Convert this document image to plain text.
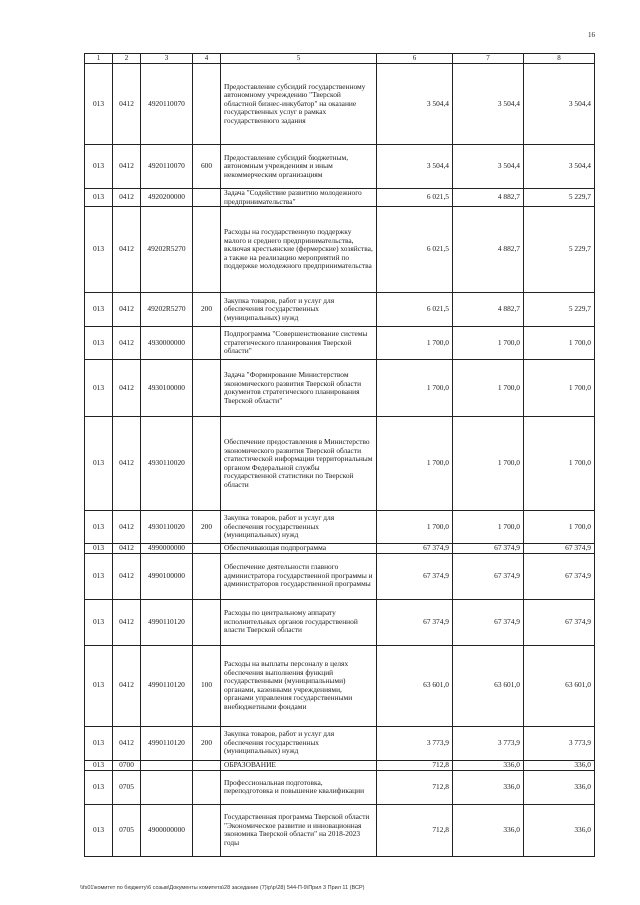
16
1	2	3	4	5	6	7	8
013	0412	4920110070		Предоставление субсидий государственному автономному учреждению "Тверской областной бизнес-инкубатор" на оказание государственных услуг в рамках государственного задания	3 504,4	3 504,4	3 504,4
013	0412	4920110070	600	Предоставление субсидий бюджетным, автономным учреждениям и иным некоммерческим организациям	3 504,4	3 504,4	3 504,4
013	0412	4920200000		Задача "Содействие развитию молодежного предпринимательства"	6 021,5	4 882,7	5 229,7
013	0412	49202R5270		Расходы на государственную поддержку малого и среднего предпринимательства, включая крестьянские (фермерские) хозяйства, а также на реализацию мероприятий по поддержке молодежного предпринимательства	6 021,5	4 882,7	5 229,7
013	0412	49202R5270	200	Закупка товаров, работ и услуг для обеспечения государственных (муниципальных) нужд	6 021,5	4 882,7	5 229,7
013	0412	4930000000		Подпрограмма "Совершенствование системы стратегического планирования Тверской области"	1 700,0	1 700,0	1 700,0
013	0412	4930100000		Задача "Формирование Министерством экономического развития Тверской области документов стратегического планирования Тверской области"	1 700,0	1 700,0	1 700,0
013	0412	4930110020		Обеспечение предоставления в Министерство экономического развития Тверской области статистической информации территориальным органом Федеральной службы государственной статистики по Тверской области	1 700,0	1 700,0	1 700,0
013	0412	4930110020	200	Закупка товаров, работ и услуг для обеспечения государственных (муниципальных) нужд	1 700,0	1 700,0	1 700,0
013	0412	4990000000		Обеспечивающая подпрограмма	67 374,9	67 374,9	67 374,9
013	0412	4990100000		Обеспечение деятельности главного администратора государственной программы и администраторов государственной программы	67 374,9	67 374,9	67 374,9
013	0412	4990110120		Расходы по центральному аппарату исполнительных органов государственной власти Тверской области	67 374,9	67 374,9	67 374,9
013	0412	4990110120	100	Расходы на выплаты персоналу в целях обеспечения выполнения функций государственными (муниципальными) органами, казенными учреждениями, органами управления государственными внебюджетными фондами	63 601,0	63 601,0	63 601,0
013	0412	4990110120	200	Закупка товаров, работ и услуг для обеспечения государственных (муниципальных) нужд	3 773,9	3 773,9	3 773,9
013	0700			ОБРАЗОВАНИЕ	712,8	336,0	336,0
013	0705			Профессиональная подготовка, переподготовка и повышение квалификации	712,8	336,0	336,0
013	0705	4900000000		Государственная программа Тверской области "Экономическое развитие и инновационная экономика Тверской области" на 2018-2023 годы	712,8	336,0	336,0
\\fs01\комитет по бюджету\6 созыв\Документы комитета\28 заседание (7)\p\p\28) 544-П-9\Прил 3 Прил 11 (ВСР)
